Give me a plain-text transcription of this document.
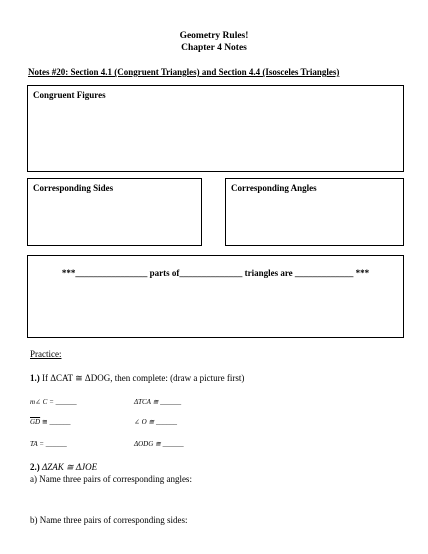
Geometry Rules!
Chapter 4 Notes
Notes #20: Section 4.1 (Congruent Triangles) and Section 4.4 (Isosceles Triangles)
Congruent Figures
Corresponding Sides	Corresponding Angles
***________________ parts of______________ triangles are _____________ ***
Practice:
1.) If ΔCAT ≅ ΔDOG, then complete: (draw a picture first)
m∠ C = ______	ΔTCA ≅ ______
$\overline{GD}$ ≅ ______	∠ O ≅ ______
TA = ______	ΔODG ≅ ______
2.) ΔZAK ≅ ΔJOE
a) Name three pairs of corresponding angles:
b) Name three pairs of corresponding sides:
